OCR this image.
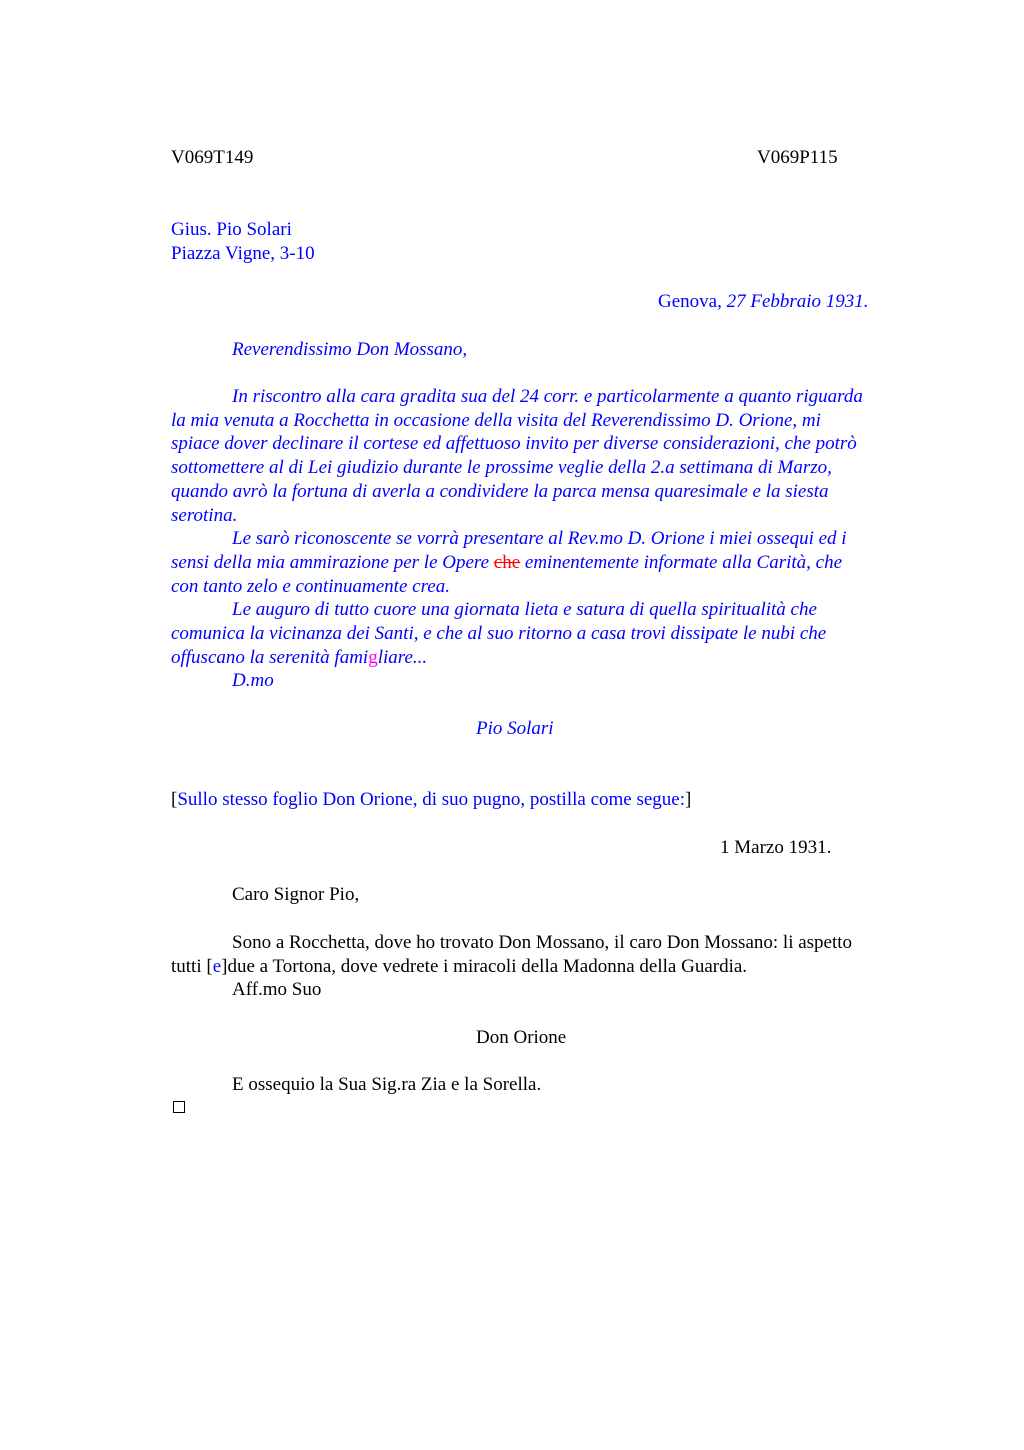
V069T149	V069P115
Gius. Pio Solari
Piazza Vigne, 3-10
Genova, 27 Febbraio 1931.
Reverendissimo Don Mossano,
In riscontro alla cara gradita sua del 24 corr. e particolarmente a quanto riguarda
la mia venuta a Rocchetta in occasione della visita del Reverendissimo D. Orione, mi
spiace dover declinare il cortese ed affettuoso invito per diverse considerazioni, che potrò
sottomettere al di Lei giudizio durante le prossime veglie della 2.a settimana di Marzo,
quando avrò la fortuna di averla a condividere la parca mensa quaresimale e la siesta
serotina.
Le sarò riconoscente se vorrà presentare al Rev.mo D. Orione i miei ossequi ed i
sensi della mia ammirazione per le Opere che eminentemente informate alla Carità, che
con tanto zelo e continuamente crea.
Le auguro di tutto cuore una giornata lieta e satura di quella spiritualità che
comunica la vicinanza dei Santi, e che al suo ritorno a casa trovi dissipate le nubi che
offuscano la serenità famigliare...
D.mo
Pio Solari
[Sullo stesso foglio Don Orione, di suo pugno, postilla come segue:]
1 Marzo 1931.
Caro Signor Pio,
Sono a Rocchetta, dove ho trovato Don Mossano, il caro Don Mossano: li aspetto
tutti [e]due a Tortona, dove vedrete i miracoli della Madonna della Guardia.
Aff.mo Suo
Don Orione
E ossequio la Sua Sig.ra Zia e la Sorella.
